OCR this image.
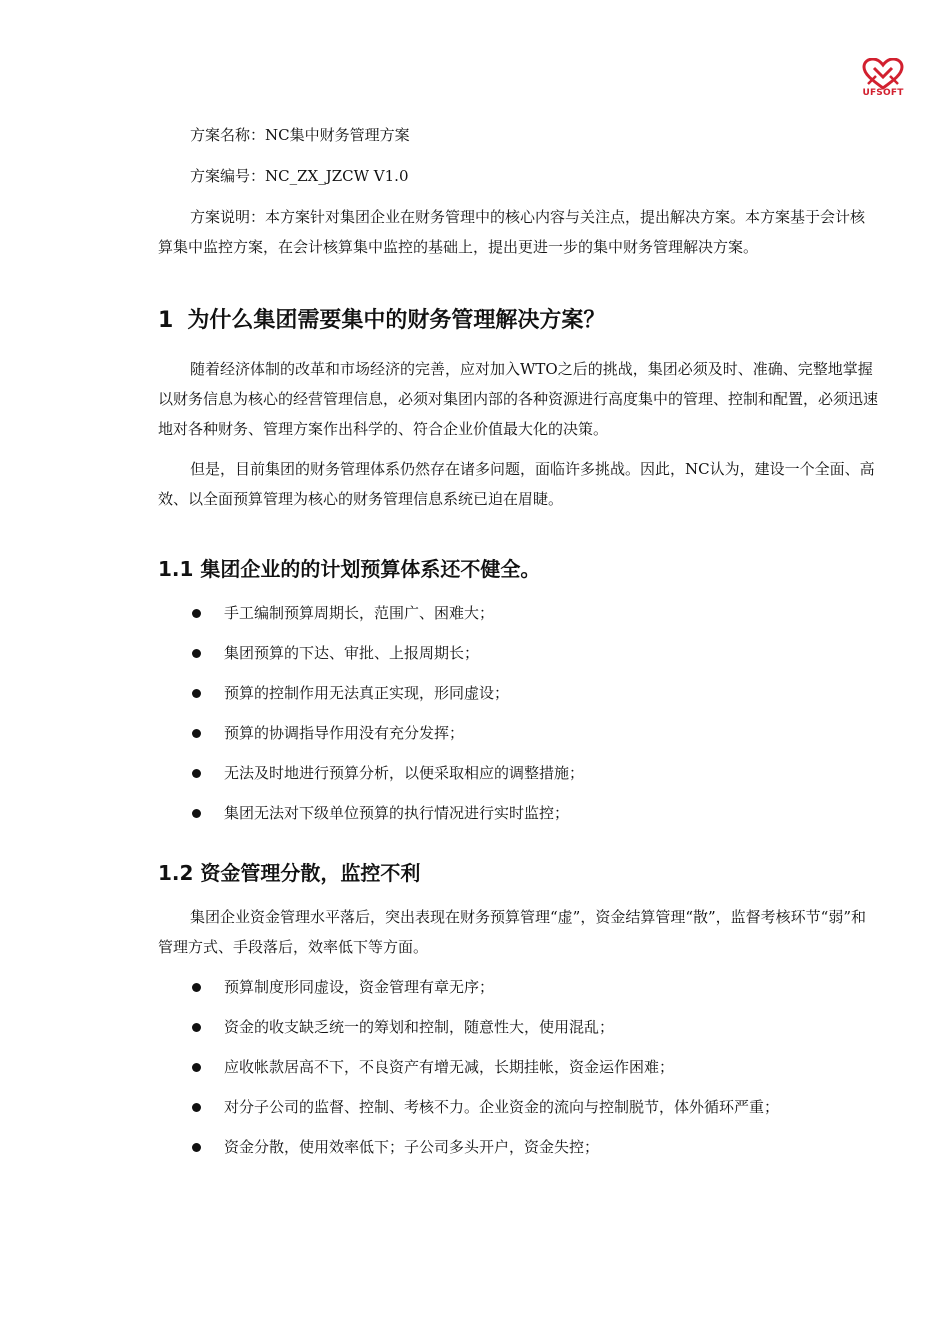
UFSOFT

方案名称：NC集中财务管理方案

方案编号：NC_ZX_JZCW V1.0

方案说明：本方案针对集团企业在财务管理中的核心内容与关注点，提出解决方案。本方案基于会计核算集中监控方案，在会计核算集中监控的基础上，提出更进一步的集中财务管理解决方案。

1 为什么集团需要集中的财务管理解决方案？

随着经济体制的改革和市场经济的完善，应对加入WTO之后的挑战，集团必须及时、准确、完整地掌握以财务信息为核心的经营管理信息，必须对集团内部的各种资源进行高度集中的管理、控制和配置，必须迅速地对各种财务、管理方案作出科学的、符合企业价值最大化的决策。

但是，目前集团的财务管理体系仍然存在诸多问题，面临许多挑战。因此，NC认为，建设一个全面、高效、以全面预算管理为核心的财务管理信息系统已迫在眉睫。

1.1 集团企业的的计划预算体系还不健全。
手工编制预算周期长，范围广、困难大；
集团预算的下达、审批、上报周期长；
预算的控制作用无法真正实现，形同虚设；
预算的协调指导作用没有充分发挥；
无法及时地进行预算分析，以便采取相应的调整措施；
集团无法对下级单位预算的执行情况进行实时监控；
1.2 资金管理分散，监控不利

集团企业资金管理水平落后，突出表现在财务预算管理“虚”，资金结算管理“散”，监督考核环节“弱”和管理方式、手段落后，效率低下等方面。

预算制度形同虚设，资金管理有章无序；
资金的收支缺乏统一的筹划和控制，随意性大，使用混乱；
应收帐款居高不下，不良资产有增无减，长期挂帐，资金运作困难；
对分子公司的监督、控制、考核不力。企业资金的流向与控制脱节，体外循环严重；
资金分散，使用效率低下；子公司多头开户，资金失控；
